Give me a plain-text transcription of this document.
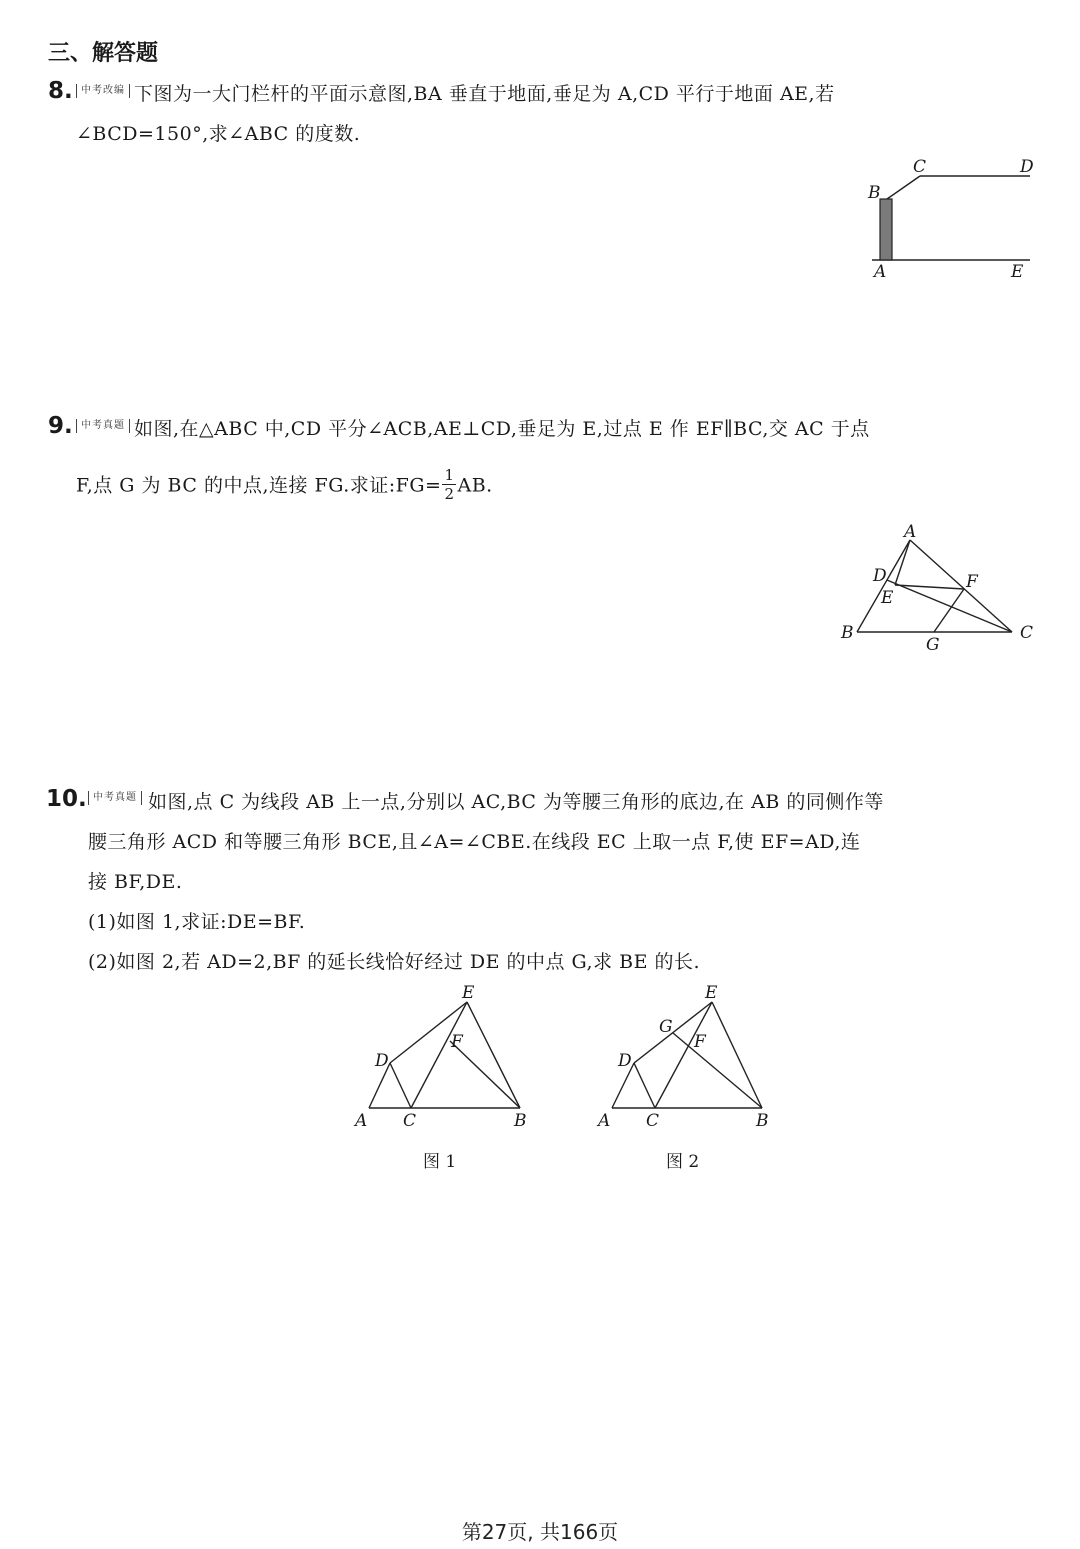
三、解答题
8. 中考改编 下图为一大门栏杆的平面示意图,BA 垂直于地面,垂足为 A,CD 平行于地面 AE,若
∠BCD=150°,求∠ABC 的度数.
B
C	D
A	E
9. 中考真题 如图,在△ABC 中,CD 平分∠ACB,AE⊥CD,垂足为 E,过点 E 作 EF∥BC,交 AC 于点
F,点 G 为 BC 的中点,连接 FG.求证:FG= $\frac{1}{2}$ AB.
A
D
E
F
B	C
G
10. 中考真题 如图,点 C 为线段 AB 上一点,分别以 AC,BC 为等腰三角形的底边,在 AB 的同侧作等
腰三角形 ACD 和等腰三角形 BCE,且∠A=∠CBE.在线段 EC 上取一点 F,使 EF=AD,连
接 BF,DE.
(1)如图 1,求证:DE=BF.
(2)如图 2,若 AD=2,BF 的延长线恰好经过 DE 的中点 G,求 BE 的长.
E
F
D
A C	B
图 1
E
G
F
D
A C	B
图 2
第27页, 共166页
